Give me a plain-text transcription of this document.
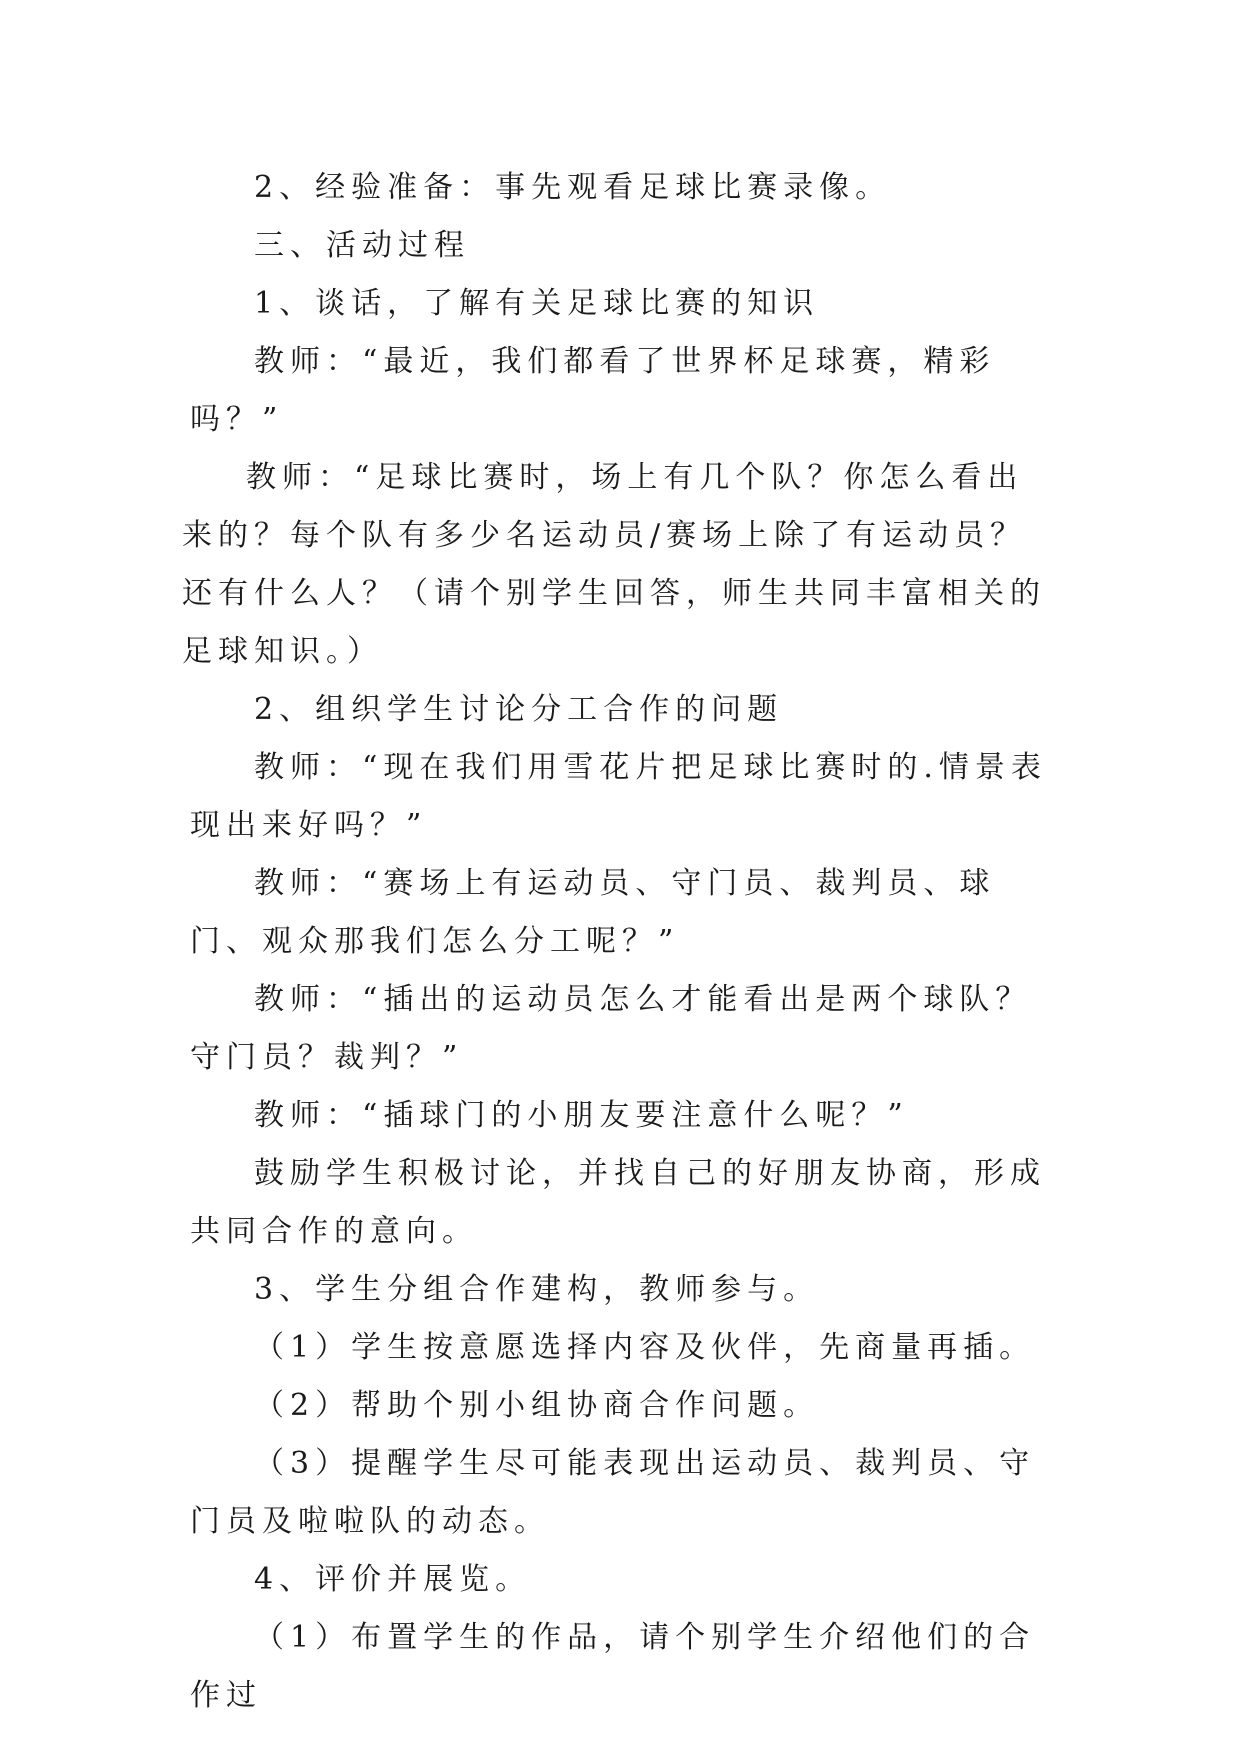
2、经验准备：事先观看足球比赛录像。

三、活动过程

1、谈话，了解有关足球比赛的知识

教师：“最近，我们都看了世界杯足球赛，精彩吗？”

教师：“足球比赛时，场上有几个队？你怎么看出来的？每个队有多少名运动员/赛场上除了有运动员？还有什么人？（请个别学生回答，师生共同丰富相关的足球知识。）

2、组织学生讨论分工合作的问题

教师：“现在我们用雪花片把足球比赛时的.情景表现出来好吗？”

教师：“赛场上有运动员、守门员、裁判员、球门、观众那我们怎么分工呢？”

教师：“插出的运动员怎么才能看出是两个球队？守门员？裁判？”

教师：“插球门的小朋友要注意什么呢？”

鼓励学生积极讨论，并找自己的好朋友协商，形成共同合作的意向。

3、学生分组合作建构，教师参与。

（1）学生按意愿选择内容及伙伴，先商量再插。

（2）帮助个别小组协商合作问题。

（3）提醒学生尽可能表现出运动员、裁判员、守门员及啦啦队的动态。

4、评价并展览。

（1）布置学生的作品，请个别学生介绍他们的合作过
